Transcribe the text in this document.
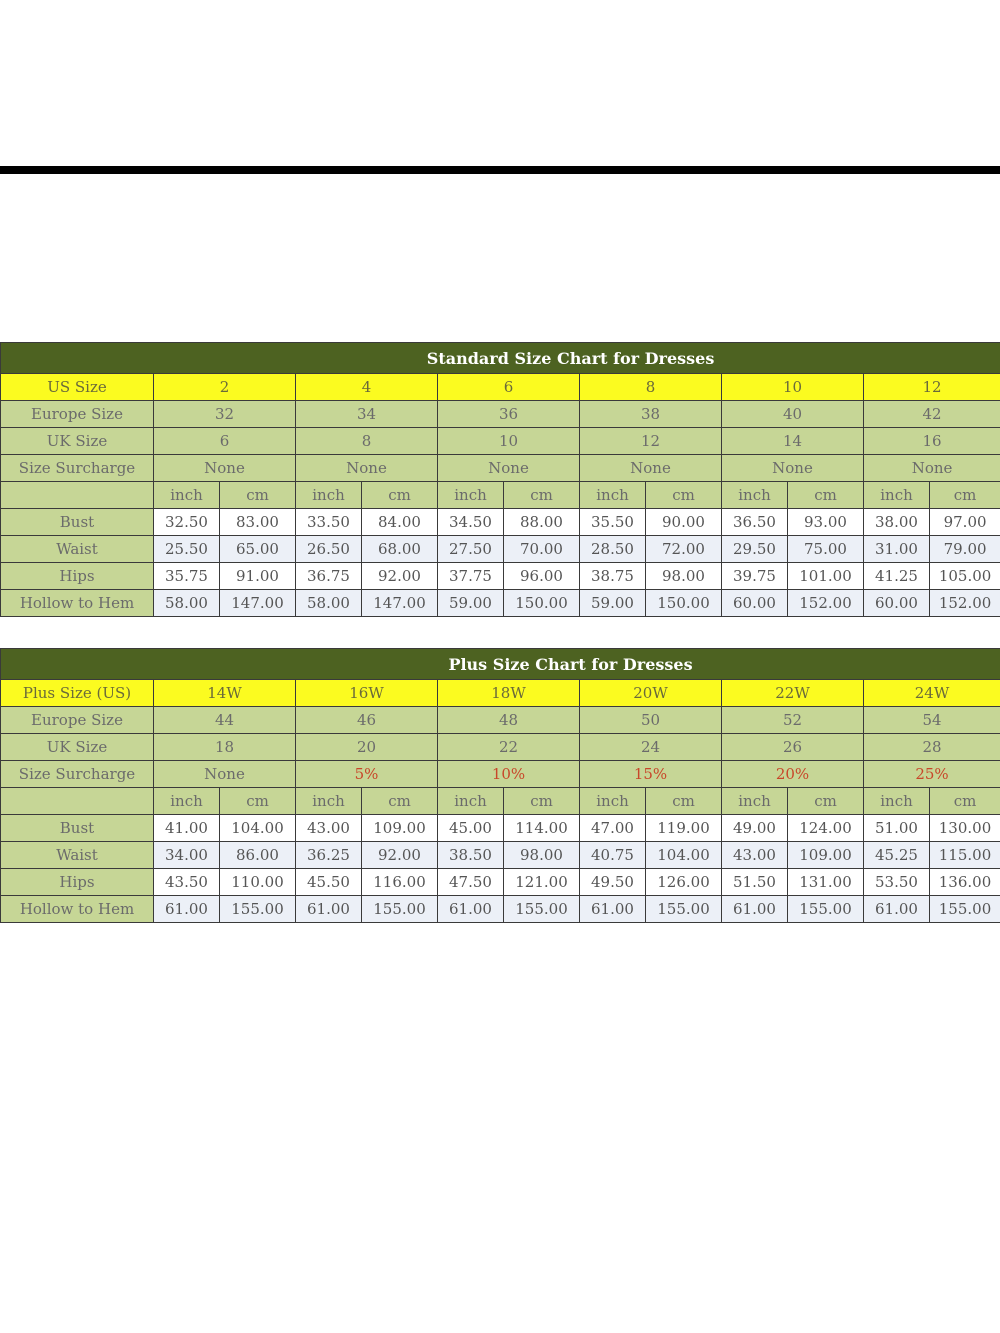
Standard Size Chart for Dresses												
US Size	2		4		6		8		10		12	
Europe Size	32		34		36		38		40		42	
UK Size	6		8		10		12		14		16	
Size Surcharge	None		None		None		None		None		None	
	inch	cm	inch	cm	inch	cm	inch	cm	inch	cm	inch	cm
Bust	32.50	83.00	33.50	84.00	34.50	88.00	35.50	90.00	36.50	93.00	38.00	97.00
Waist	25.50	65.00	26.50	68.00	27.50	70.00	28.50	72.00	29.50	75.00	31.00	79.00
Hips	35.75	91.00	36.75	92.00	37.75	96.00	38.75	98.00	39.75	101.00	41.25	105.00
Hollow to Hem	58.00	147.00	58.00	147.00	59.00	150.00	59.00	150.00	60.00	152.00	60.00	152.00
Plus Size Chart for Dresses												
Plus Size (US)	14W		16W		18W		20W		22W		24W	
Europe Size	44		46		48		50		52		54	
UK Size	18		20		22		24		26		28	
Size Surcharge	None		5%		10%		15%		20%		25%	
	inch	cm	inch	cm	inch	cm	inch	cm	inch	cm	inch	cm
Bust	41.00	104.00	43.00	109.00	45.00	114.00	47.00	119.00	49.00	124.00	51.00	130.00
Waist	34.00	86.00	36.25	92.00	38.50	98.00	40.75	104.00	43.00	109.00	45.25	115.00
Hips	43.50	110.00	45.50	116.00	47.50	121.00	49.50	126.00	51.50	131.00	53.50	136.00
Hollow to Hem	61.00	155.00	61.00	155.00	61.00	155.00	61.00	155.00	61.00	155.00	61.00	155.00
